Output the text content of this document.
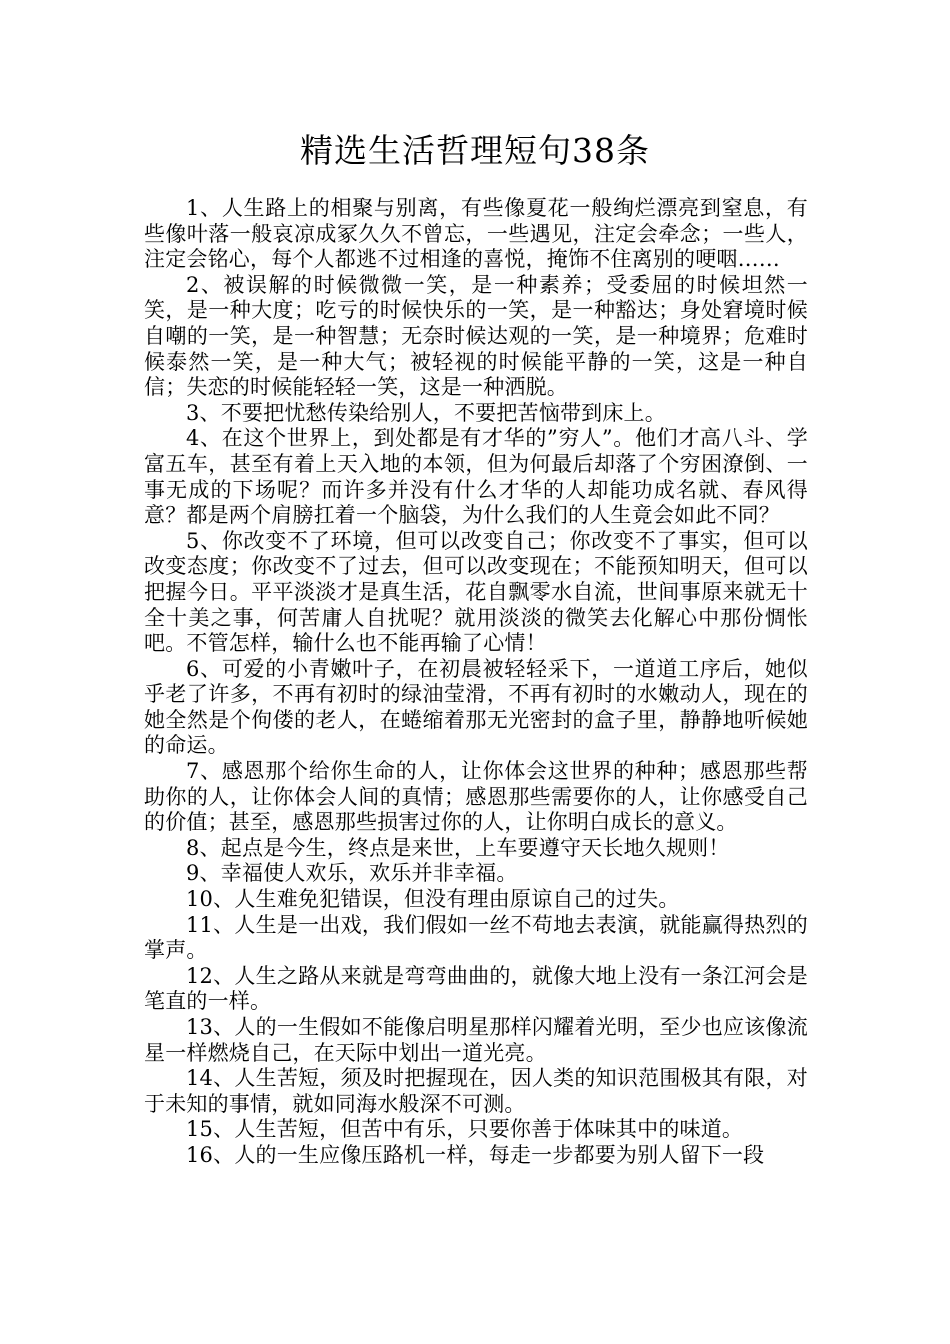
精选生活哲理短句38条

1、人生路上的相聚与别离，有些像夏花一般绚烂漂亮到窒息，有些像叶落一般哀凉成冢久久不曾忘，一些遇见，注定会牵念；一些人，注定会铭心，每个人都逃不过相逢的喜悦，掩饰不住离别的哽咽……

2、被误解的时候微微一笑，是一种素养；受委屈的时候坦然一笑，是一种大度；吃亏的时候快乐的一笑，是一种豁达；身处窘境时候自嘲的一笑，是一种智慧；无奈时候达观的一笑，是一种境界；危难时候泰然一笑，是一种大气；被轻视的时候能平静的一笑，这是一种自信；失恋的时候能轻轻一笑，这是一种洒脱。

3、不要把忧愁传染给别人，不要把苦恼带到床上。

4、在这个世界上，到处都是有才华的”穷人”。他们才高八斗、学富五车，甚至有着上天入地的本领，但为何最后却落了个穷困潦倒、一事无成的下场呢？而许多并没有什么才华的人却能功成名就、春风得意？都是两个肩膀扛着一个脑袋，为什么我们的人生竟会如此不同？

5、你改变不了环境，但可以改变自己；你改变不了事实，但可以改变态度；你改变不了过去，但可以改变现在；不能预知明天，但可以把握今日。平平淡淡才是真生活，花自飘零水自流，世间事原来就无十全十美之事，何苦庸人自扰呢？就用淡淡的微笑去化解心中那份惆怅吧。不管怎样，输什么也不能再输了心情！

6、可爱的小青嫩叶子，在初晨被轻轻采下，一道道工序后，她似乎老了许多，不再有初时的绿油莹滑，不再有初时的水嫩动人，现在的她全然是个佝偻的老人，在蜷缩着那无光密封的盒子里，静静地听候她的命运。

7、感恩那个给你生命的人，让你体会这世界的种种；感恩那些帮助你的人，让你体会人间的真情；感恩那些需要你的人，让你感受自己的价值；甚至，感恩那些损害过你的人，让你明白成长的意义。

8、起点是今生，终点是来世，上车要遵守天长地久规则！

9、幸福使人欢乐，欢乐并非幸福。

10、人生难免犯错误，但没有理由原谅自己的过失。

11、人生是一出戏，我们假如一丝不苟地去表演，就能赢得热烈的掌声。

12、人生之路从来就是弯弯曲曲的，就像大地上没有一条江河会是笔直的一样。

13、人的一生假如不能像启明星那样闪耀着光明，至少也应该像流星一样燃烧自己，在天际中划出一道光亮。

14、人生苦短，须及时把握现在，因人类的知识范围极其有限，对于未知的事情，就如同海水般深不可测。

15、人生苦短，但苦中有乐，只要你善于体味其中的味道。

16、人的一生应像压路机一样，每走一步都要为别人留下一段
